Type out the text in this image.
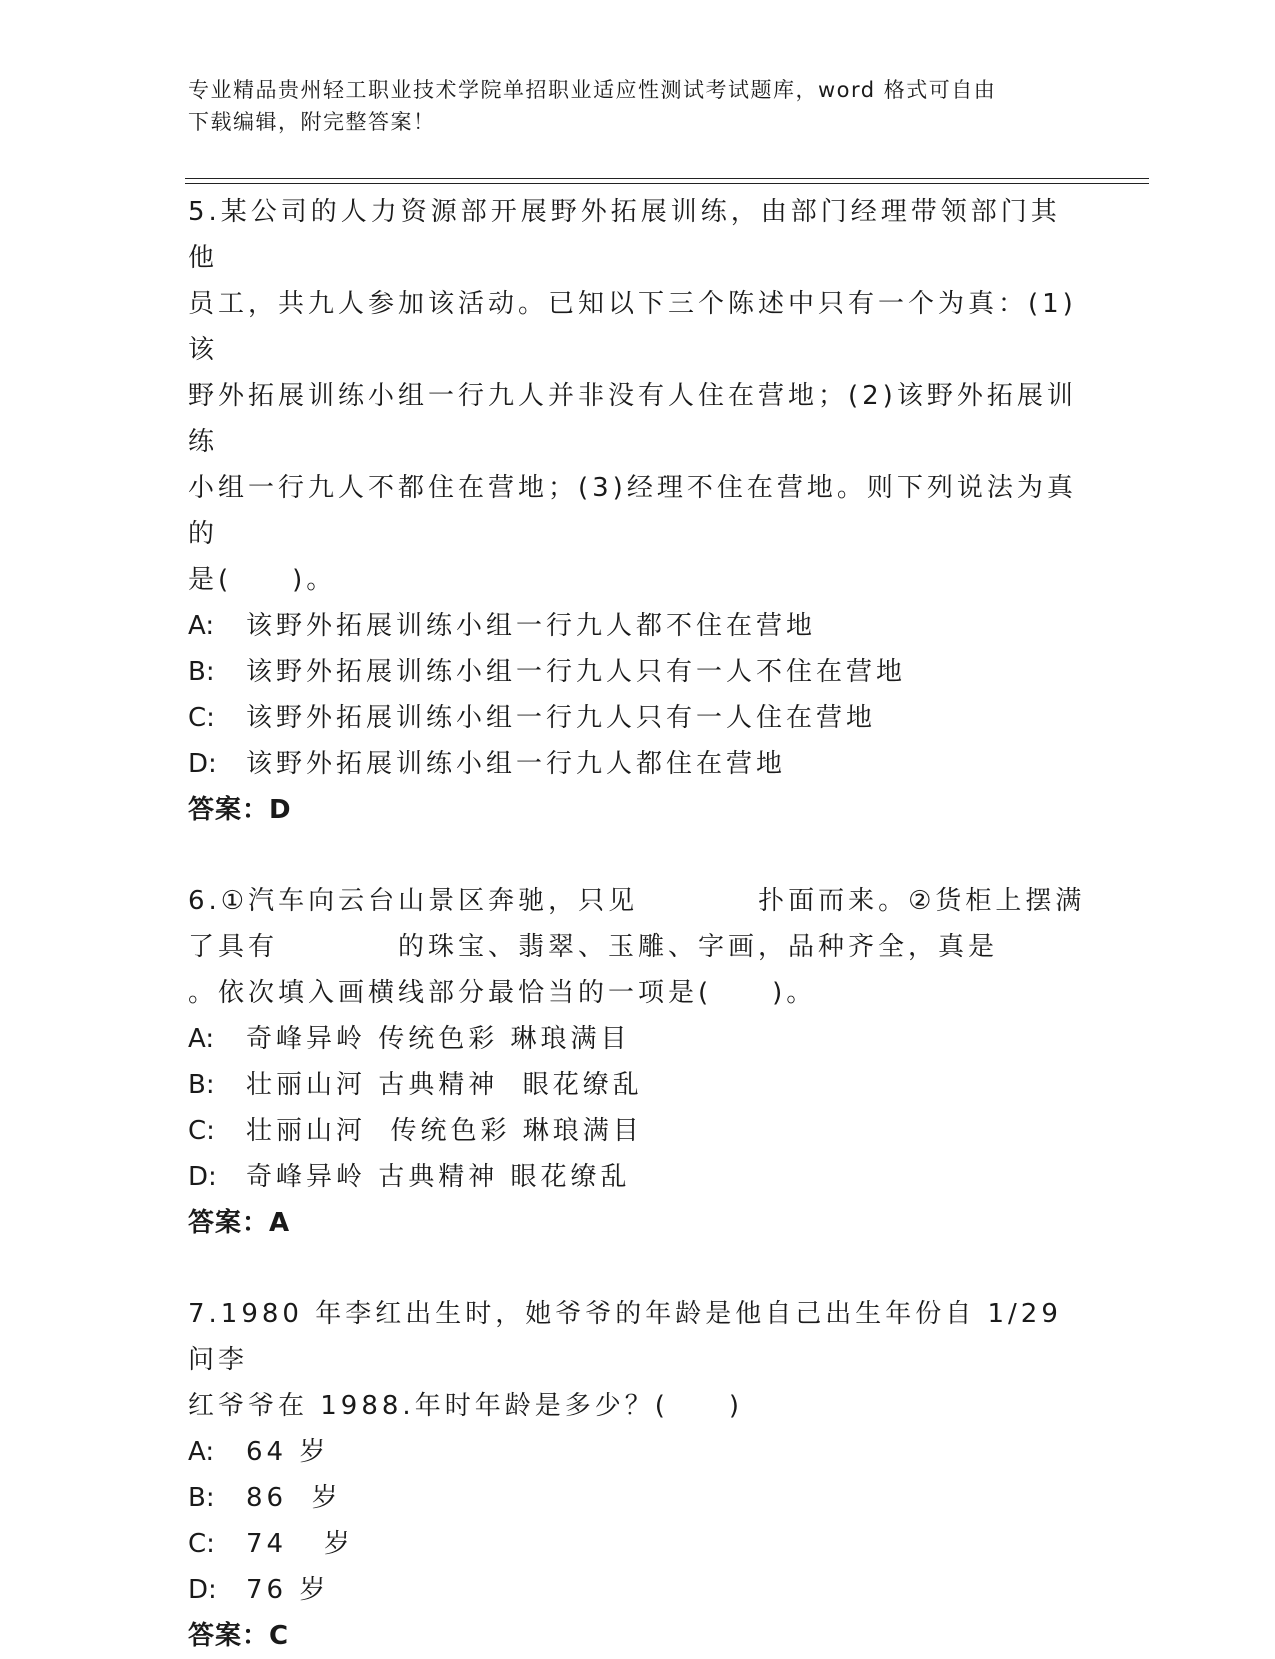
专业精品贵州轻工职业技术学院单招职业适应性测试考试题库，word 格式可自由
下载编辑，附完整答案！
5.某公司的人力资源部开展野外拓展训练，由部门经理带领部门其他
员工，共九人参加该活动。已知以下三个陈述中只有一个为真：(1)该
野外拓展训练小组一行九人并非没有人住在营地；(2)该野外拓展训练
小组一行九人不都住在营地；(3)经理不住在营地。则下列说法为真的
是(　　)。
A: 该野外拓展训练小组一行九人都不住在营地
B: 该野外拓展训练小组一行九人只有一人不住在营地
C: 该野外拓展训练小组一行九人只有一人住在营地
D: 该野外拓展训练小组一行九人都住在营地
答案：D
6.①汽车向云台山景区奔驰，只见　　　　扑面而来。②货柜上摆满
了具有　　　　的珠宝、翡翠、玉雕、字画，品种齐全，真是
。依次填入画横线部分最恰当的一项是(　　)。
A: 奇峰异岭 传统色彩 琳琅满目
B: 壮丽山河 古典精神  眼花缭乱
C: 壮丽山河  传统色彩 琳琅满目
D: 奇峰异岭 古典精神 眼花缭乱
答案：A
7.1980 年李红出生时，她爷爷的年龄是他自己出生年份自 1/29 问李
红爷爷在 1988.年时年龄是多少？(　　)
A: 64 岁
B: 86  岁
C: 74   岁
D: 76 岁
答案：C
